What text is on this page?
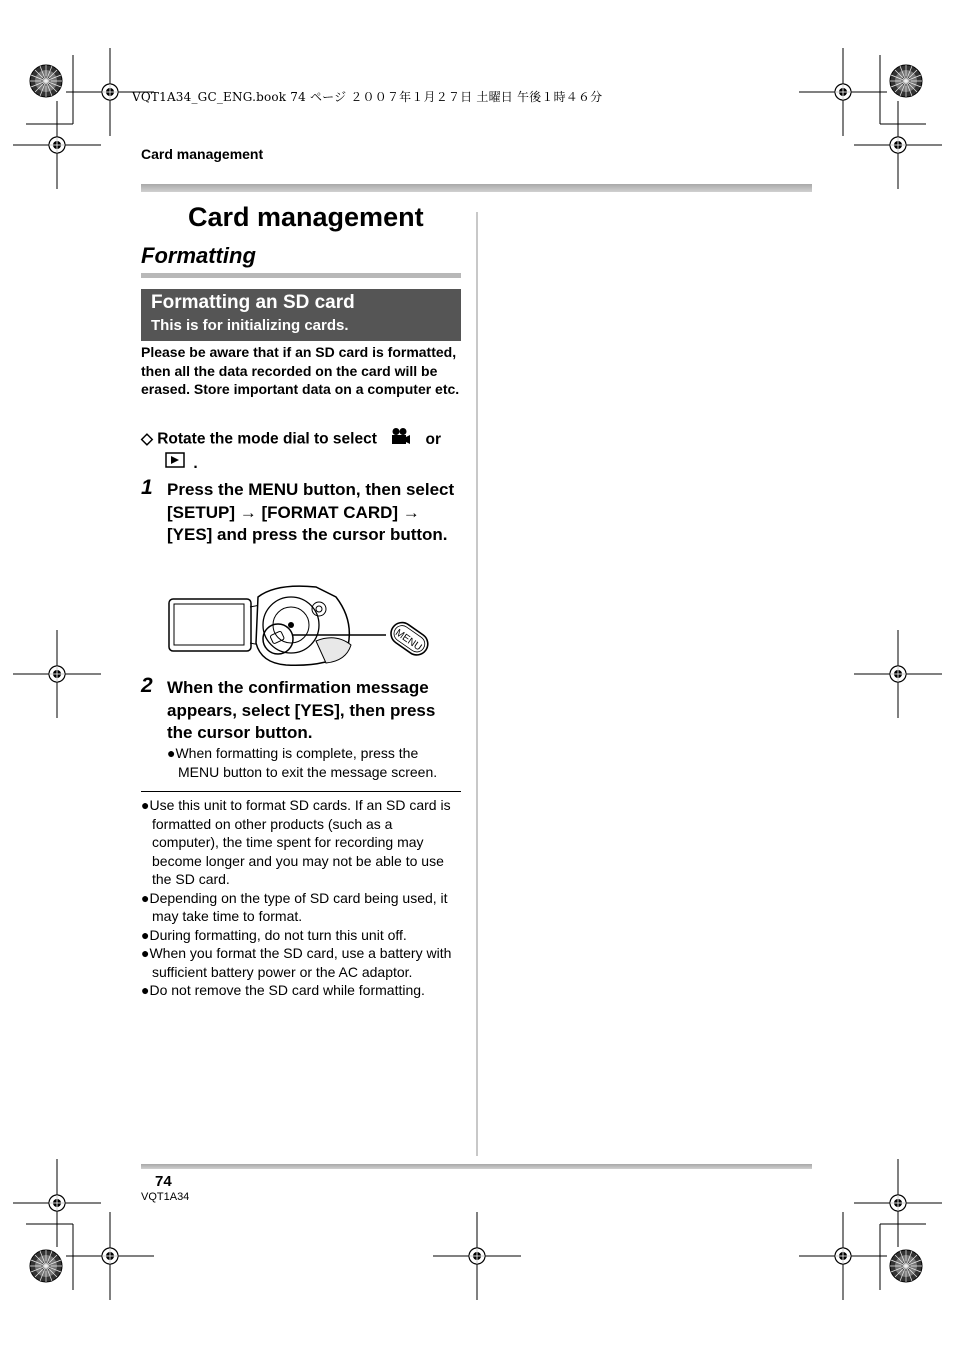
VQT1A34_GC_ENG.book 74 ページ ２００７年１月２７日 土曜日 午後１時４６分
Card management
Card management
Formatting
Formatting an SD card
This is for initializing cards.
Please be aware that if an SD card is formatted, then all the data recorded on the card will be erased. Store important data on a computer etc.
◇ Rotate the mode dial to select	or
.
1 Press the MENU button, then select [SETUP] → [FORMAT CARD] → [YES] and press the cursor button.
MENU
2 When the confirmation message appears, select [YES], then press the cursor button.
●When formatting is complete, press the MENU button to exit the message screen.
●Use this unit to format SD cards. If an SD card is formatted on other products (such as a computer), the time spent for recording may become longer and you may not be able to use the SD card.
●Depending on the type of SD card being used, it may take time to format.
●During formatting, do not turn this unit off.
●When you format the SD card, use a battery with sufficient battery power or the AC adaptor.
●Do not remove the SD card while formatting.
74
VQT1A34
